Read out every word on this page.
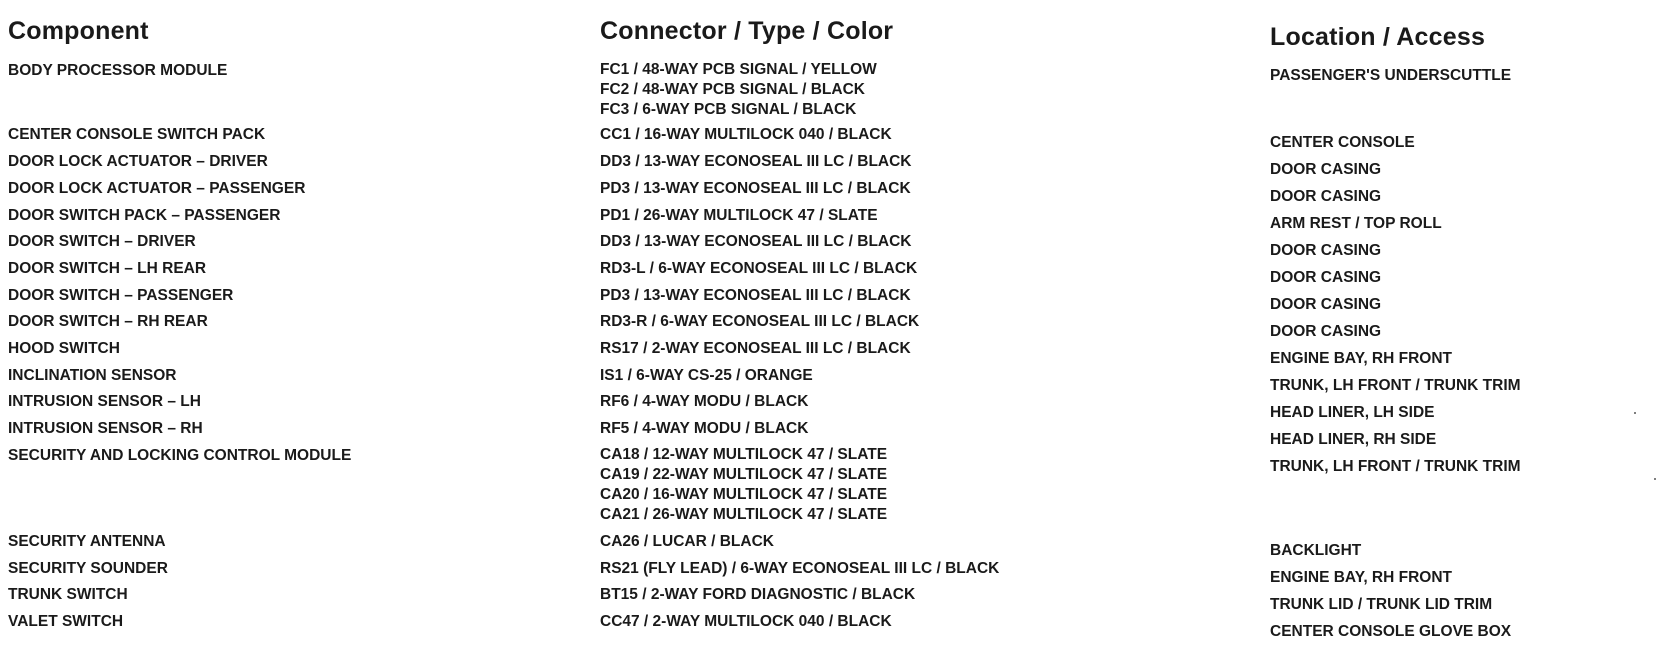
Component
BODY PROCESSOR MODULE
CENTER CONSOLE SWITCH PACK
DOOR LOCK ACTUATOR – DRIVER
DOOR LOCK ACTUATOR – PASSENGER
DOOR SWITCH PACK – PASSENGER
DOOR SWITCH – DRIVER
DOOR SWITCH – LH REAR
DOOR SWITCH – PASSENGER
DOOR SWITCH – RH REAR
HOOD SWITCH
INCLINATION SENSOR
INTRUSION SENSOR – LH
INTRUSION SENSOR – RH
SECURITY AND LOCKING CONTROL MODULE
SECURITY ANTENNA
SECURITY SOUNDER
TRUNK SWITCH
VALET SWITCH
Connector / Type / Color
FC1 / 48-WAY PCB SIGNAL / YELLOW
FC2 / 48-WAY PCB SIGNAL / BLACK
FC3 / 6-WAY PCB SIGNAL / BLACK
CC1 / 16-WAY MULTILOCK 040 / BLACK
DD3 / 13-WAY ECONOSEAL III LC / BLACK
PD3 / 13-WAY ECONOSEAL III LC / BLACK
PD1 / 26-WAY MULTILOCK 47 / SLATE
DD3 / 13-WAY ECONOSEAL III LC / BLACK
RD3-L / 6-WAY ECONOSEAL III LC / BLACK
PD3 / 13-WAY ECONOSEAL III LC / BLACK
RD3-R / 6-WAY ECONOSEAL III LC / BLACK
RS17 / 2-WAY ECONOSEAL III LC / BLACK
IS1 / 6-WAY CS-25 / ORANGE
RF6 / 4-WAY MODU / BLACK
RF5 / 4-WAY MODU / BLACK
CA18 / 12-WAY MULTILOCK 47 / SLATE
CA19 / 22-WAY MULTILOCK 47 / SLATE
CA20 / 16-WAY MULTILOCK 47 / SLATE
CA21 / 26-WAY MULTILOCK 47 / SLATE
CA26 / LUCAR / BLACK
RS21 (FLY LEAD) / 6-WAY ECONOSEAL III LC / BLACK
BT15 / 2-WAY FORD DIAGNOSTIC / BLACK
CC47 / 2-WAY MULTILOCK 040 / BLACK
Location / Access
PASSENGER'S UNDERSCUTTLE
CENTER CONSOLE
DOOR CASING
DOOR CASING
ARM REST / TOP ROLL
DOOR CASING
DOOR CASING
DOOR CASING
DOOR CASING
ENGINE BAY, RH FRONT
TRUNK, LH FRONT / TRUNK TRIM
HEAD LINER, LH SIDE
HEAD LINER, RH SIDE
TRUNK, LH FRONT / TRUNK TRIM
BACKLIGHT
ENGINE BAY, RH FRONT
TRUNK LID / TRUNK LID TRIM
CENTER CONSOLE GLOVE BOX
